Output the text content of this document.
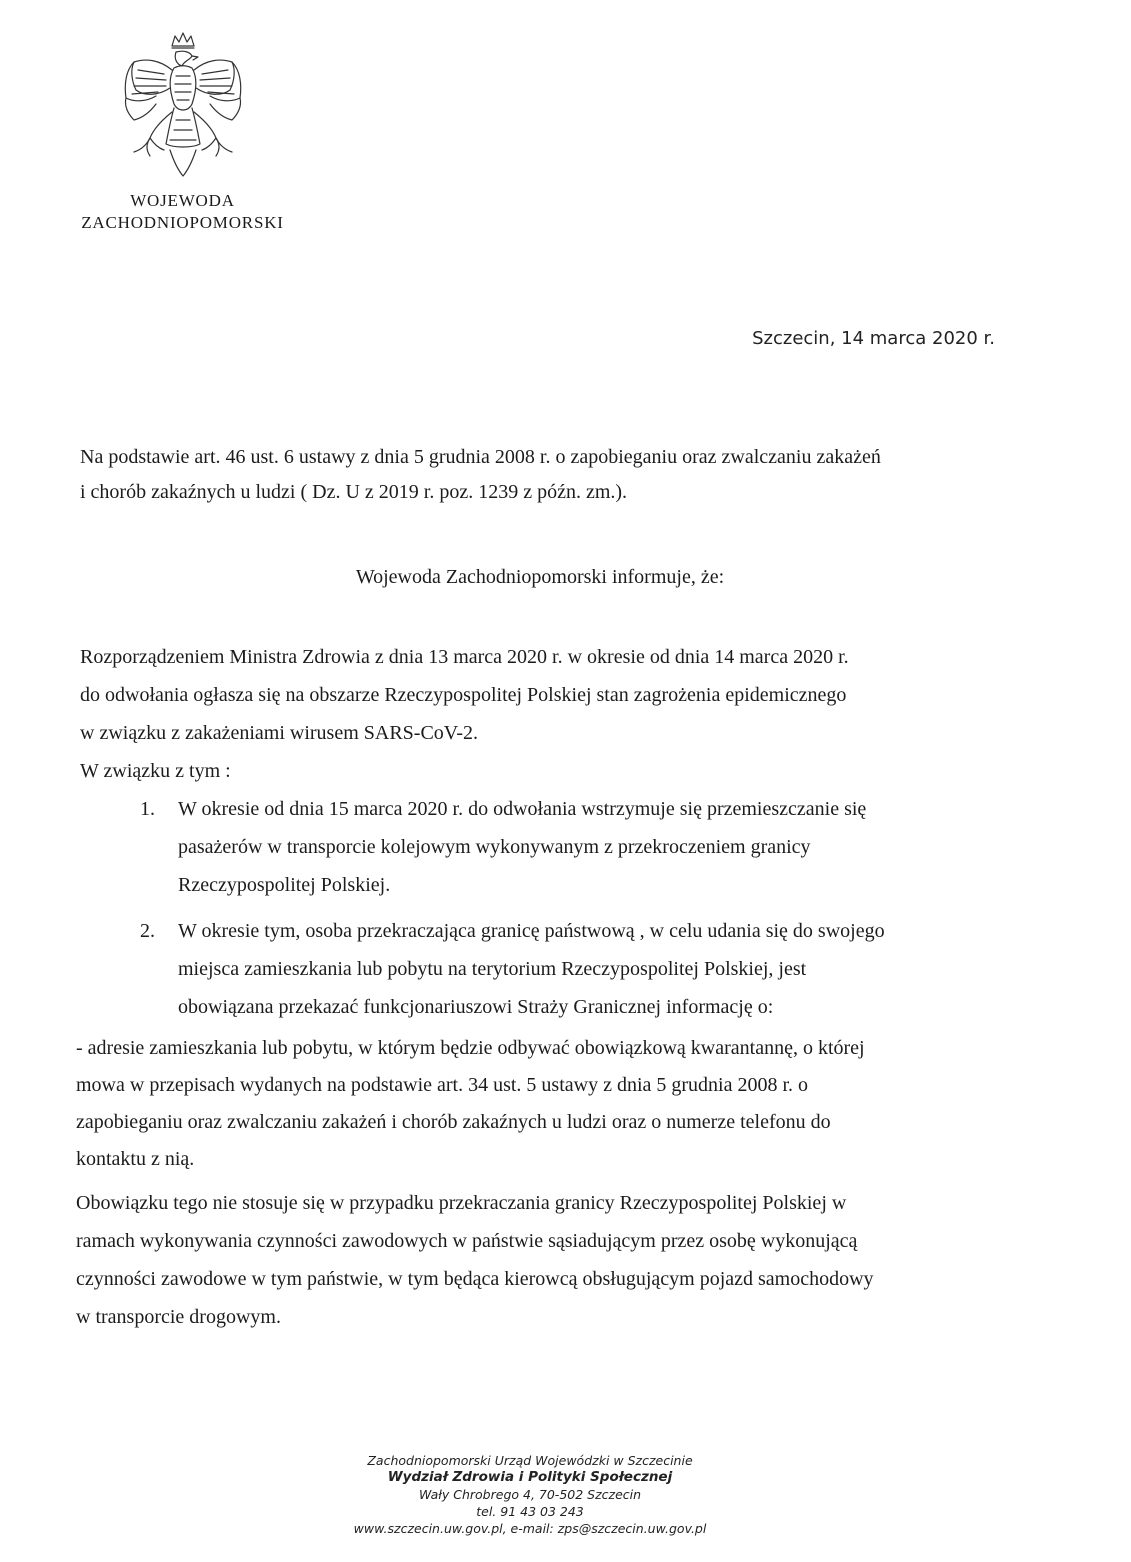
WOJEWODA
ZACHODNIOPOMORSKI
Szczecin, 14 marca 2020 r.

Na podstawie art. 46 ust. 6 ustawy z dnia 5 grudnia 2008 r. o zapobieganiu oraz zwalczaniu zakażeń

i chorób zakaźnych u ludzi ( Dz. U z 2019 r. poz. 1239 z późn. zm.).

Wojewoda Zachodniopomorski informuje, że:

Rozporządzeniem Ministra Zdrowia z dnia 13 marca 2020 r. w okresie od dnia 14 marca 2020 r.

do odwołania ogłasza się na obszarze Rzeczypospolitej Polskiej stan zagrożenia epidemicznego

w związku z zakażeniami wirusem SARS-CoV-2.

W związku z tym :

1. W okresie od dnia 15 marca 2020 r. do odwołania wstrzymuje się przemieszczanie się
pasażerów w transporcie kolejowym wykonywanym z przekroczeniem granicy
Rzeczypospolitej Polskiej.
2. W okresie tym, osoba przekraczająca granicę państwową , w celu udania się do swojego
miejsca zamieszkania lub pobytu na terytorium Rzeczypospolitej Polskiej, jest
obowiązana przekazać funkcjonariuszowi Straży Granicznej informację o:

- adresie zamieszkania lub pobytu, w którym będzie odbywać obowiązkową kwarantannę, o której

mowa w przepisach wydanych na podstawie art. 34 ust. 5 ustawy z dnia 5 grudnia 2008 r. o

zapobieganiu oraz zwalczaniu zakażeń i chorób zakaźnych u ludzi oraz o numerze telefonu do

kontaktu z nią.

Obowiązku tego nie stosuje się w przypadku przekraczania granicy Rzeczypospolitej Polskiej w

ramach wykonywania czynności zawodowych w państwie sąsiadującym przez osobę wykonującą

czynności zawodowe w tym państwie, w tym będąca kierowcą obsługującym pojazd samochodowy

w transporcie drogowym.

Zachodniopomorski Urząd Wojewódzki w Szczecinie
Wydział Zdrowia i Polityki Społecznej
Wały Chrobrego 4, 70-502 Szczecin
tel. 91 43 03 243
www.szczecin.uw.gov.pl, e-mail: zps@szczecin.uw.gov.pl
